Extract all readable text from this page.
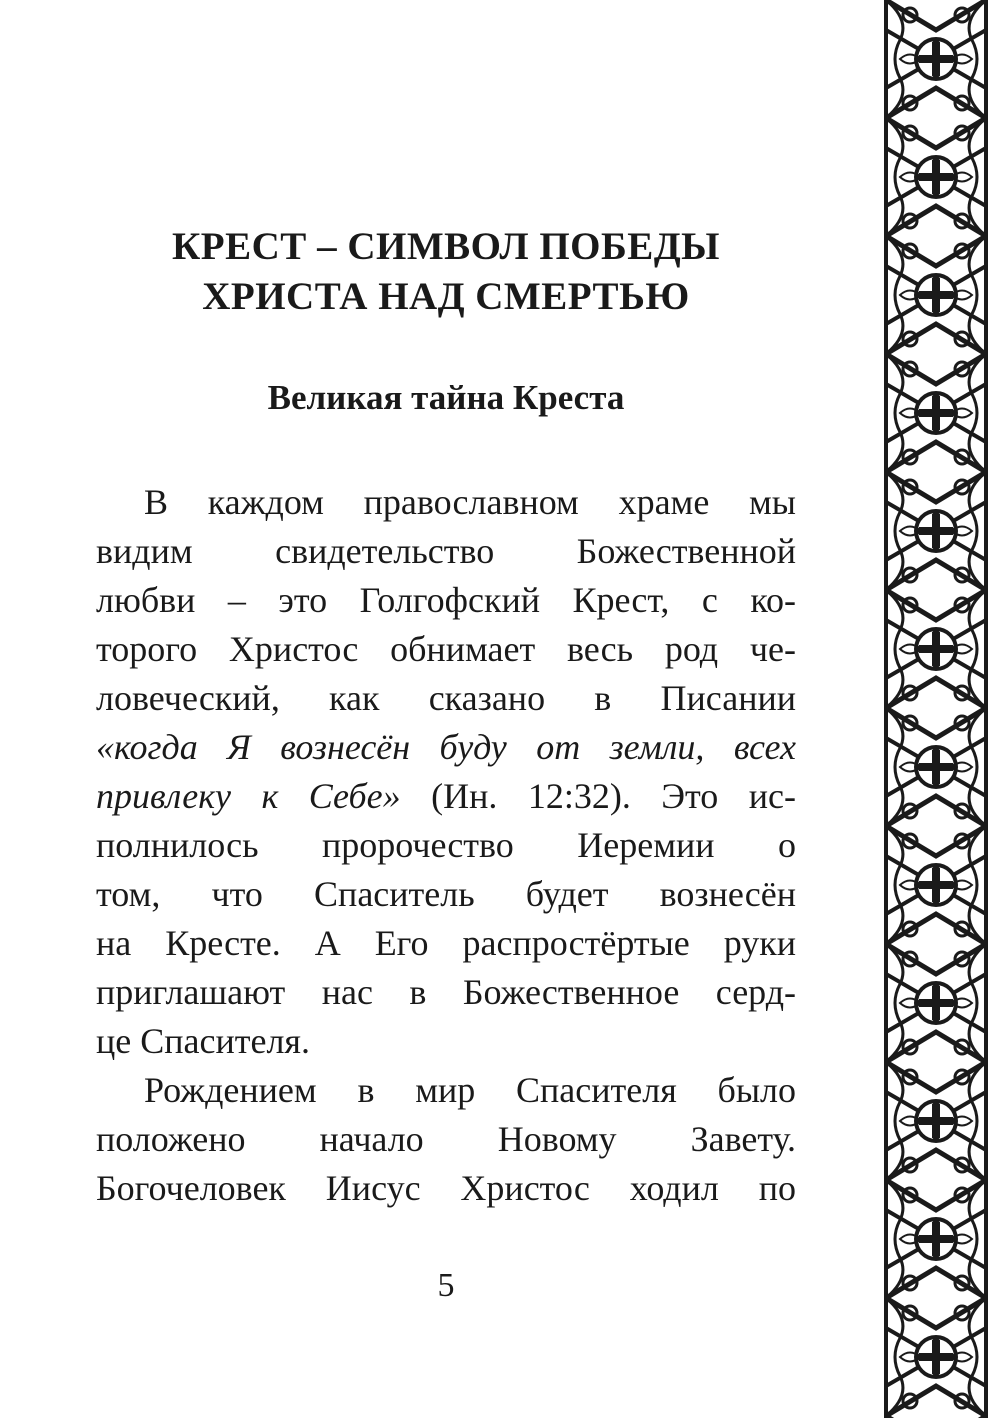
КРЕСТ – СИМВОЛ ПОБЕДЫ
ХРИСТА НАД СМЕРТЬЮ
Великая тайна Креста
В каждом православном храме мы
видим свидетельство Божественной
любви – это Голгофский Крест, с ко-
торого Христос обнимает весь род че-
ловеческий, как сказано в Писании
«когда Я вознесён буду от земли, всех
привлеку к Себе» (Ин. 12:32). Это ис-
полнилось пророчество Иеремии о
том, что Спаситель будет вознесён
на Кресте. А Его распростёртые руки
приглашают нас в Божественное серд-
це Спасителя.
Рождением в мир Спасителя было
положено начало Новому Завету.
Богочеловек Иисус Христос ходил по
5
